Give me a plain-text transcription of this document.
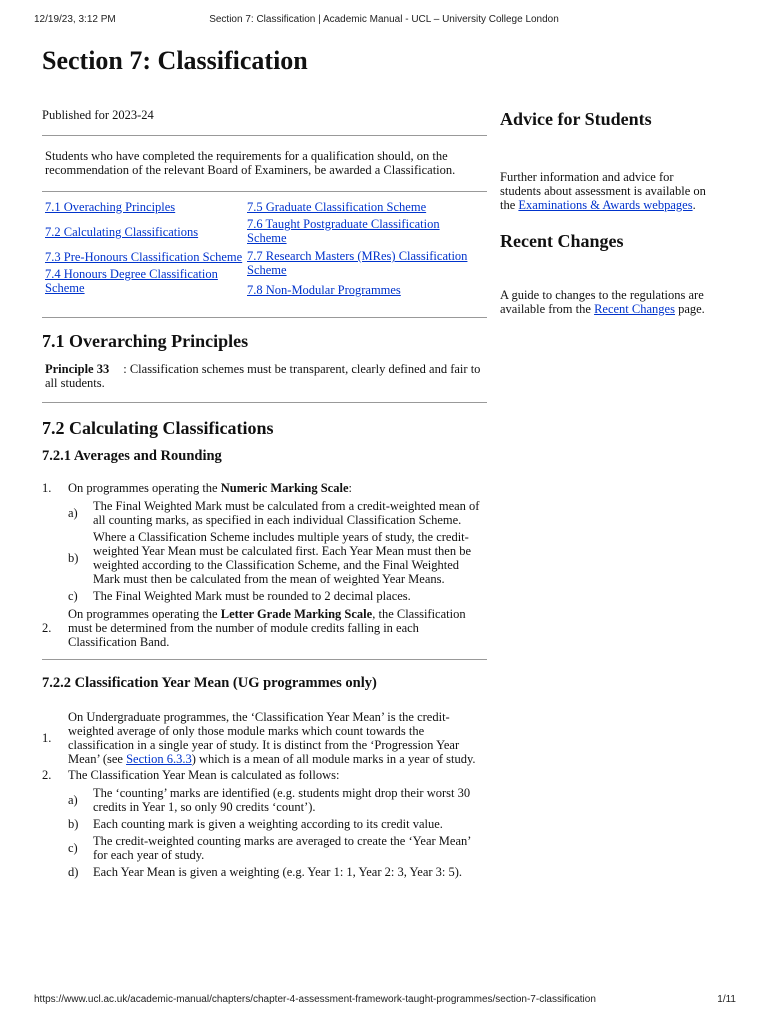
12/19/23, 3:12 PM	Section 7: Classification | Academic Manual - UCL – University College London
Section 7: Classification

Published for 2023-24

Students who have completed the requirements for a qualification should, on the recommendation of the relevant Board of Examiners, be awarded a Classification.
7.1 Overaching Principles
7.2 Calculating Classifications
7.3 Pre-Honours Classification Scheme
7.4 Honours Degree Classification Scheme
7.5 Graduate Classification Scheme
7.6 Taught Postgraduate Classification Scheme
7.7 Research Masters (MRes) Classification Scheme
7.8 Non-Modular Programmes
7.1 Overarching Principles
Principle 33 : Classification schemes must be transparent, clearly defined and fair to all students.
7.2 Calculating Classifications
7.2.1 Averages and Rounding
1. On programmes operating the Numeric Marking Scale:
a) The Final Weighted Mark must be calculated from a credit-weighted mean of all counting marks, as specified in each individual Classification Scheme.
b)
Where a Classification Scheme includes multiple years of study, the credit-weighted Year Mean must be calculated first. Each Year Mean must then be weighted according to the Classification Scheme, and the Final Weighted Mark must then be calculated from the mean of weighted Year Means.
c) The Final Weighted Mark must be rounded to 2 decimal places.
2.
On programmes operating the Letter Grade Marking Scale, the Classification must be determined from the number of module credits falling in each Classification Band.
7.2.2 Classification Year Mean (UG programmes only)
1.
On Undergraduate programmes, the ‘Classification Year Mean’ is the credit-weighted average of only those module marks which count towards the classification in a single year of study. It is distinct from the ‘Progression Year Mean’ (see Section 6.3.3) which is a mean of all module marks in a year of study.
2. The Classification Year Mean is calculated as follows:
a) The ‘counting’ marks are identified (e.g. students might drop their worst 30 credits in Year 1, so only 90 credits ‘count’).
b) Each counting mark is given a weighting according to its credit value.
c) The credit-weighted counting marks are averaged to create the ‘Year Mean’ for each year of study.
d) Each Year Mean is given a weighting (e.g. Year 1: 1, Year 2: 3, Year 3: 5).
Advice for Students

Further information and advice for students about assessment is available on the Examinations & Awards webpages.

Recent Changes

A guide to changes to the regulations are available from the Recent Changes page.

https://www.ucl.ac.uk/academic-manual/chapters/chapter-4-assessment-framework-taught-programmes/section-7-classification	1/11
